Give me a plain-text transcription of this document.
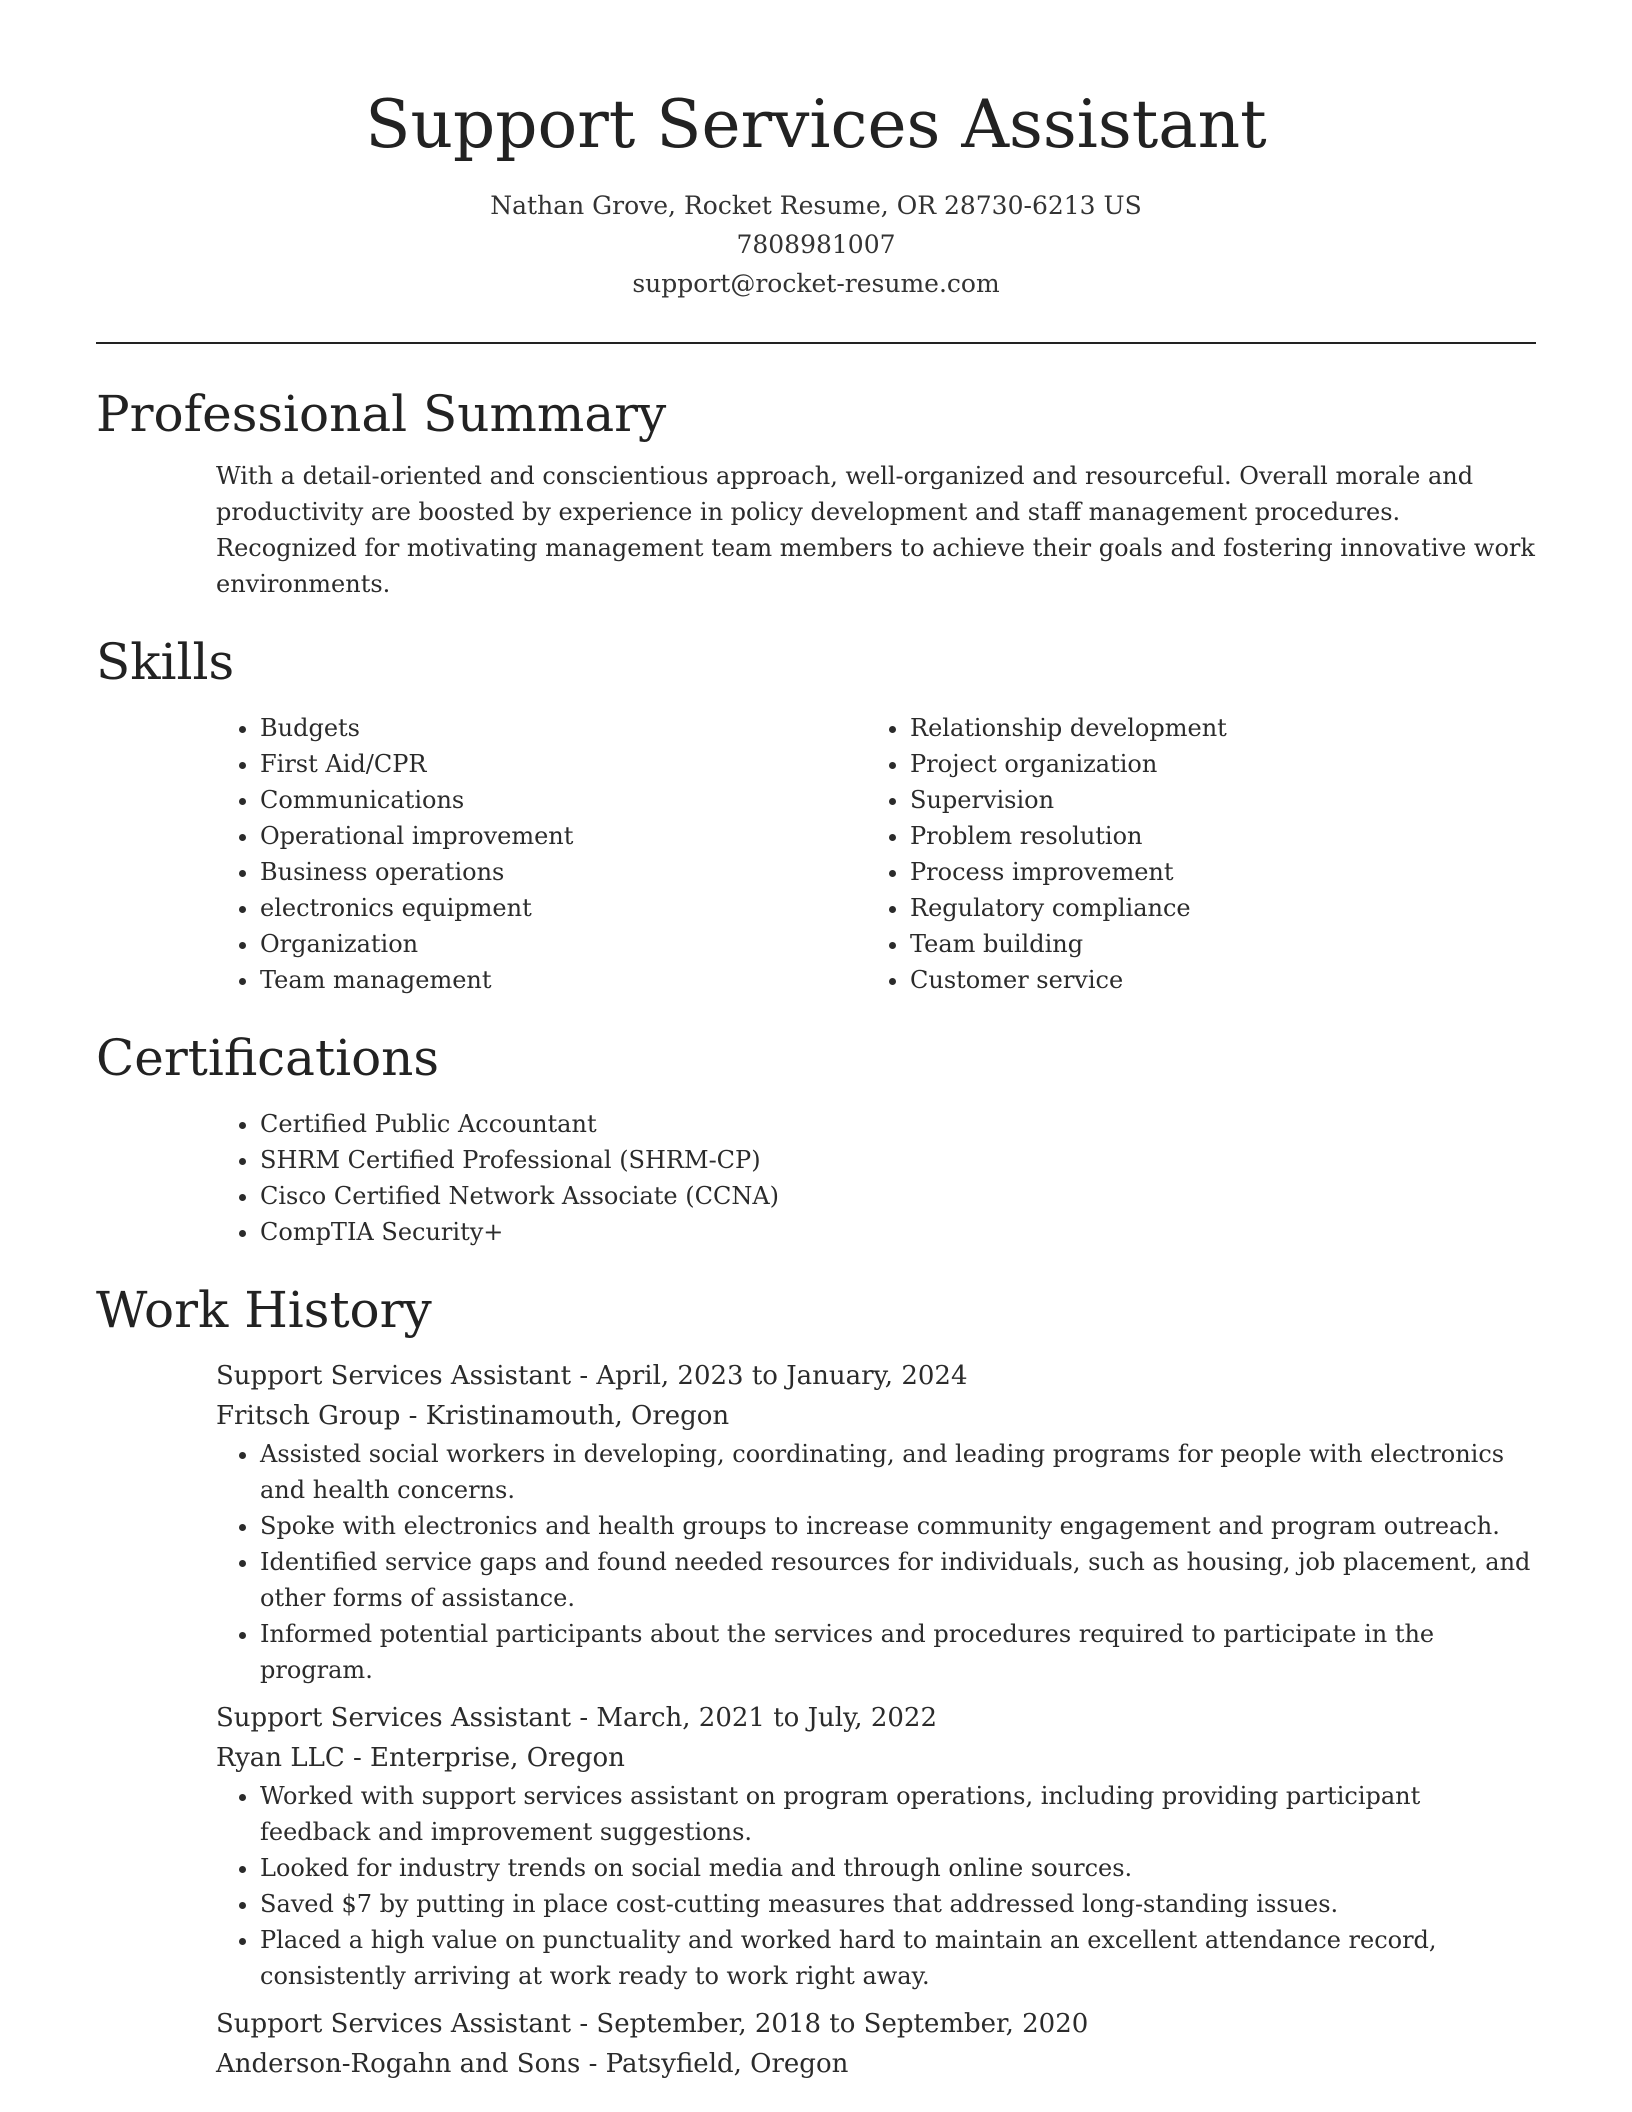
Support Services Assistant
Nathan Grove, Rocket Resume, OR 28730-6213 US
7808981007
support@rocket-resume.com
Professional Summary

With a detail-oriented and conscientious approach, well-organized and resourceful. Overall morale and productivity are boosted by experience in policy development and staff management procedures. Recognized for motivating management team members to achieve their goals and fostering innovative work environments.

Skills
• Budgets
• First Aid/CPR
• Communications
• Operational improvement
• Business operations
• electronics equipment
• Organization
• Team management
• Relationship development
• Project organization
• Supervision
• Problem resolution
• Process improvement
• Regulatory compliance
• Team building
• Customer service
Certifications
• Certified Public Accountant
• SHRM Certified Professional (SHRM-CP)
• Cisco Certified Network Associate (CCNA)
• CompTIA Security+
Work History
Support Services Assistant - April, 2023 to January, 2024
Fritsch Group - Kristinamouth, Oregon
• Assisted social workers in developing, coordinating, and leading programs for people with electronics and health concerns.
• Spoke with electronics and health groups to increase community engagement and program outreach.
• Identified service gaps and found needed resources for individuals, such as housing, job placement, and other forms of assistance.
• Informed potential participants about the services and procedures required to participate in the program.
Support Services Assistant - March, 2021 to July, 2022
Ryan LLC - Enterprise, Oregon
• Worked with support services assistant on program operations, including providing participant feedback and improvement suggestions.
• Looked for industry trends on social media and through online sources.
• Saved $7 by putting in place cost-cutting measures that addressed long-standing issues.
• Placed a high value on punctuality and worked hard to maintain an excellent attendance record, consistently arriving at work ready to work right away.
Support Services Assistant - September, 2018 to September, 2020
Anderson-Rogahn and Sons - Patsyfield, Oregon
